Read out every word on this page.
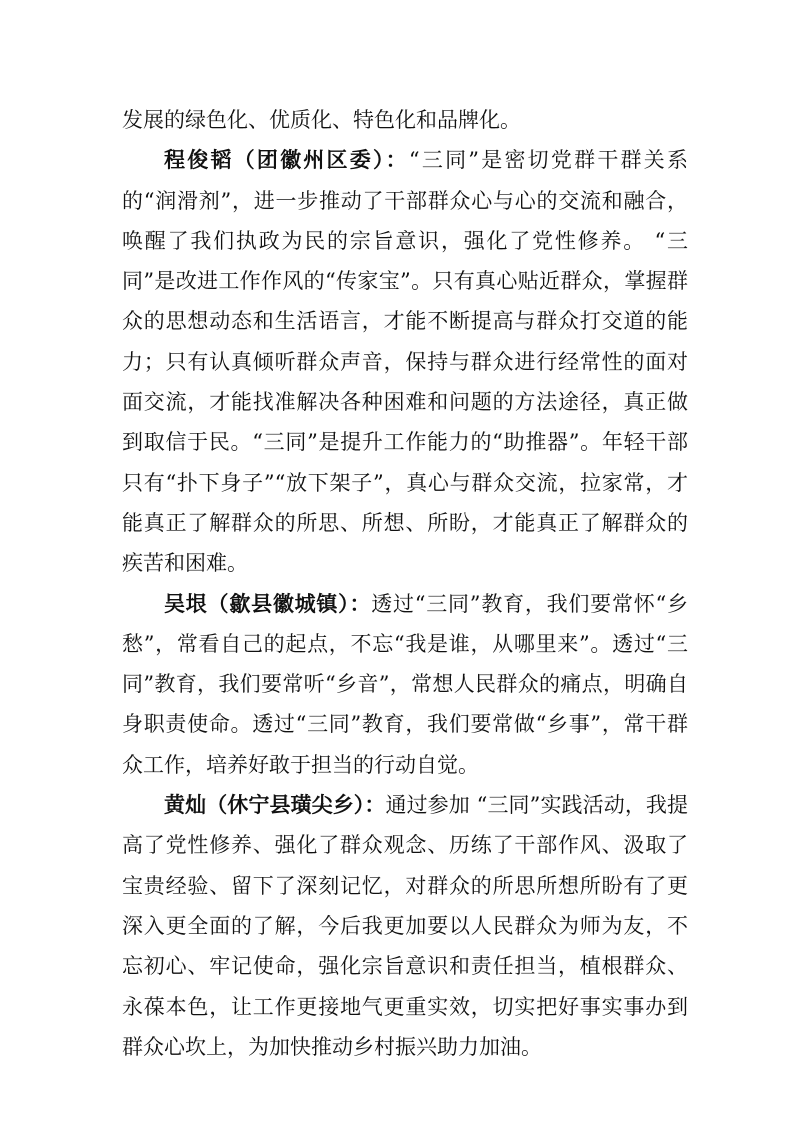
发展的绿色化、优质化、特色化和品牌化。

程俊韬（团徽州区委）：“三同”是密切党群干群关系的“润滑剂”，进一步推动了干部群众心与心的交流和融合，唤醒了我们执政为民的宗旨意识，强化了党性修养。 “三同”是改进工作作风的“传家宝”。只有真心贴近群众，掌握群众的思想动态和生活语言，才能不断提高与群众打交道的能力；只有认真倾听群众声音，保持与群众进行经常性的面对面交流，才能找准解决各种困难和问题的方法途径，真正做到取信于民。“三同”是提升工作能力的“助推器”。年轻干部只有“扑下身子”“放下架子”，真心与群众交流，拉家常，才能真正了解群众的所思、所想、所盼，才能真正了解群众的疾苦和困难。

吴垠（歙县徽城镇）：透过“三同”教育，我们要常怀“乡愁”，常看自己的起点，不忘“我是谁，从哪里来”。透过“三同”教育，我们要常听“乡音”，常想人民群众的痛点，明确自身职责使命。透过“三同”教育，我们要常做“乡事”，常干群众工作，培养好敢于担当的行动自觉。

黄灿（休宁县璜尖乡）：通过参加 “三同”实践活动，我提高了党性修养、强化了群众观念、历练了干部作风、汲取了宝贵经验、留下了深刻记忆，对群众的所思所想所盼有了更深入更全面的了解，今后我更加要以人民群众为师为友，不忘初心、牢记使命，强化宗旨意识和责任担当，植根群众、永葆本色，让工作更接地气更重实效，切实把好事实事办到群众心坎上，为加快推动乡村振兴助力加油。
